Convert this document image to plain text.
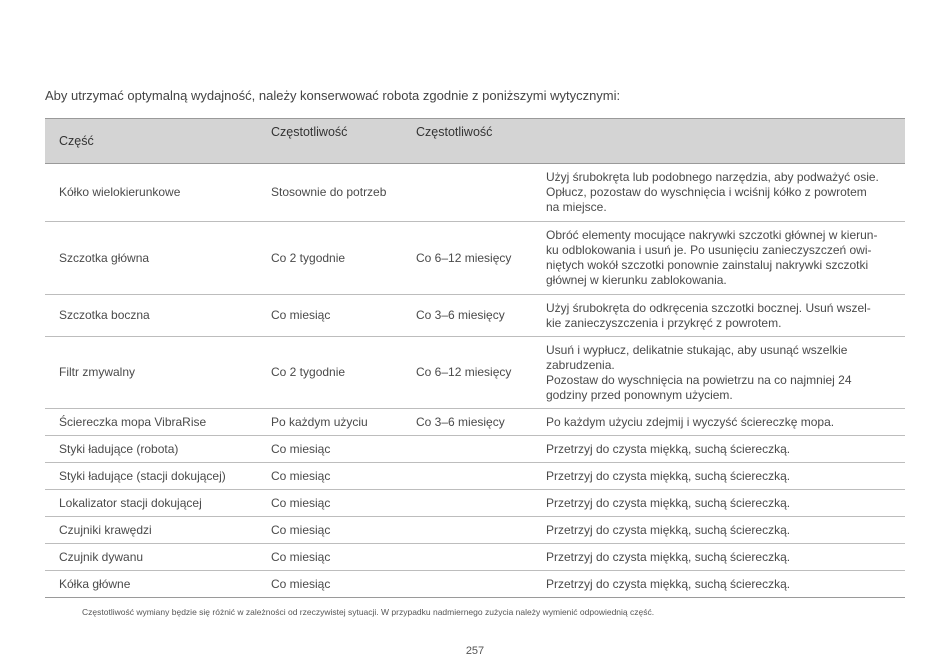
Aby utrzymać optymalną wydajność, należy konserwować robota zgodnie z poniższymi wytycznymi:
Część	Częstotliwość	Częstotliwość	

Kółko wielokierunkowe	Stosownie do potrzeb		Użyj śrubokręta lub podobnego narzędzia, aby podważyć osie.
Opłucz, pozostaw do wyschnięcia i wciśnij kółko z powrotem
na miejsce.

Szczotka główna	Co 2 tygodnie	Co 6–12 miesięcy	Obróć elementy mocujące nakrywki szczotki głównej w kierun-
ku odblokowania i usuń je. Po usunięciu zanieczyszczeń owi-
niętych wokół szczotki ponownie zainstaluj nakrywki szczotki
głównej w kierunku zablokowania.

Szczotka boczna	Co miesiąc	Co 3–6 miesięcy	Użyj śrubokręta do odkręcenia szczotki bocznej. Usuń wszel-
kie zanieczyszczenia i przykręć z powrotem.

Filtr zmywalny	Co 2 tygodnie	Co 6–12 miesięcy	Usuń i wypłucz, delikatnie stukając, aby usunąć wszelkie
zabrudzenia.
Pozostaw do wyschnięcia na powietrzu na co najmniej 24
godziny przed ponownym użyciem.

Ściereczka mopa VibraRise	Po każdym użyciu	Co 3–6 miesięcy	Po każdym użyciu zdejmij i wyczyść ściereczkę mopa.

Styki ładujące (robota)	Co miesiąc		Przetrzyj do czysta miękką, suchą ściereczką.

Styki ładujące (stacji dokującej)	Co miesiąc		Przetrzyj do czysta miękką, suchą ściereczką.

Lokalizator stacji dokującej	Co miesiąc		Przetrzyj do czysta miękką, suchą ściereczką.

Czujniki krawędzi	Co miesiąc		Przetrzyj do czysta miękką, suchą ściereczką.

Czujnik dywanu	Co miesiąc		Przetrzyj do czysta miękką, suchą ściereczką.

Kółka główne	Co miesiąc		Przetrzyj do czysta miękką, suchą ściereczką.
Częstotliwość wymiany będzie się różnić w zależności od rzeczywistej sytuacji. W przypadku nadmiernego zużycia należy wymienić odpowiednią część.
257
